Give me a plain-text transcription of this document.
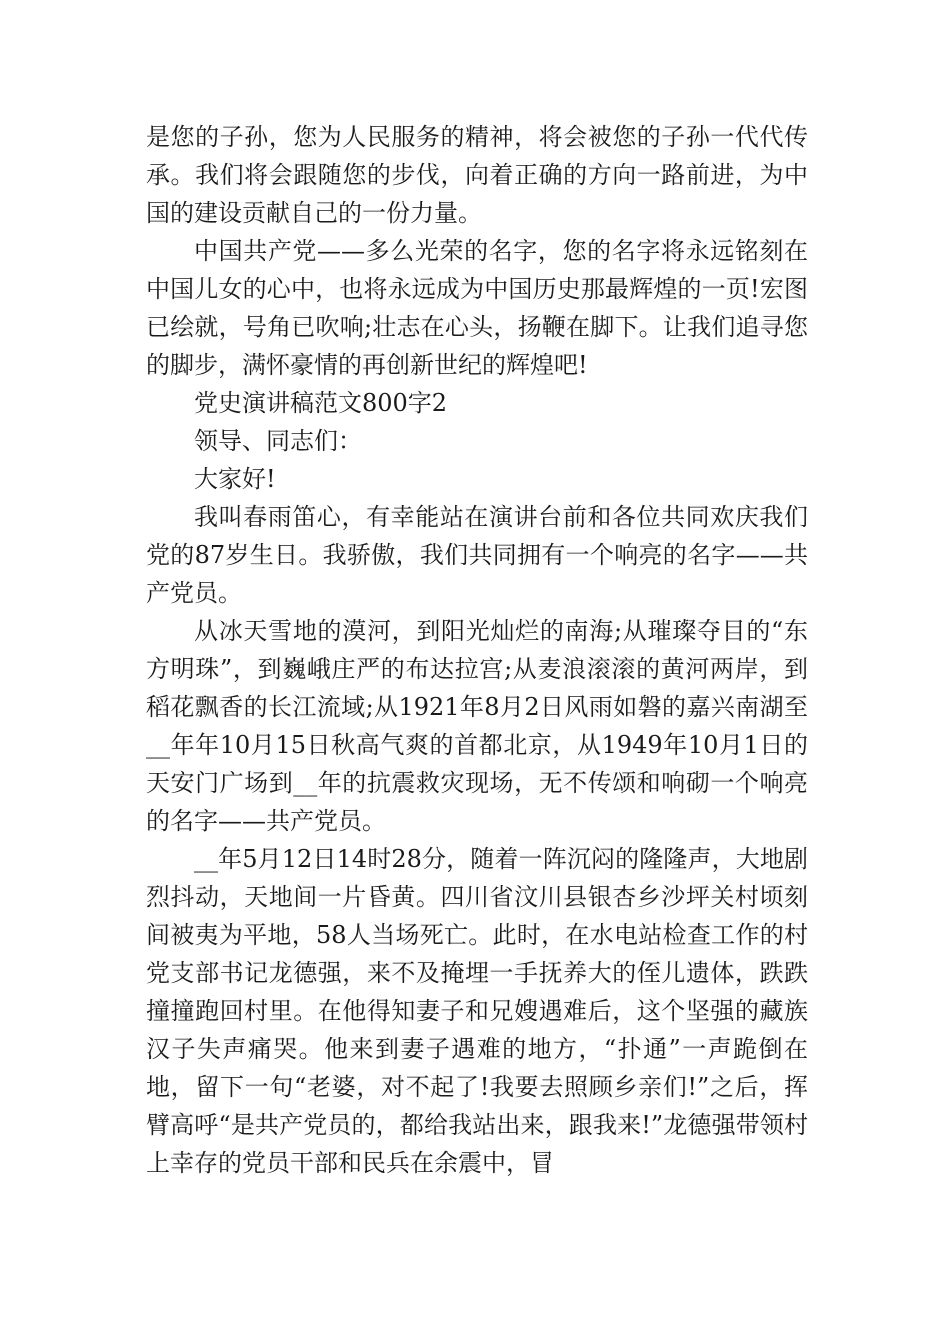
是您的子孙，您为人民服务的精神，将会被您的子孙一代代传承。我们将会跟随您的步伐，向着正确的方向一路前进，为中国的建设贡献自己的一份力量。

中国共产党——多么光荣的名字，您的名字将永远铭刻在中国儿女的心中，也将永远成为中国历史那最辉煌的一页!宏图已绘就，号角已吹响;壮志在心头，扬鞭在脚下。让我们追寻您的脚步，满怀豪情的再创新世纪的辉煌吧!

党史演讲稿范文800字2

领导、同志们：

大家好!

我叫春雨笛心，有幸能站在演讲台前和各位共同欢庆我们党的87岁生日。我骄傲，我们共同拥有一个响亮的名字——共产党员。

从冰天雪地的漠河，到阳光灿烂的南海;从璀璨夺目的“东方明珠”，到巍峨庄严的布达拉宫;从麦浪滚滚的黄河两岸，到稻花飘香的长江流域;从1921年8月2日风雨如磐的嘉兴南湖至__年年10月15日秋高气爽的首都北京，从1949年10月1日的天安门广场到__年的抗震救灾现场，无不传颂和响砌一个响亮的名字——共产党员。

__年5月12日14时28分，随着一阵沉闷的隆隆声，大地剧烈抖动，天地间一片昏黄。四川省汶川县银杏乡沙坪关村顷刻间被夷为平地，58人当场死亡。此时，在水电站检查工作的村党支部书记龙德强，来不及掩埋一手抚养大的侄儿遗体，跌跌撞撞跑回村里。在他得知妻子和兄嫂遇难后，这个坚强的藏族汉子失声痛哭。他来到妻子遇难的地方，“扑通”一声跪倒在地，留下一句“老婆，对不起了!我要去照顾乡亲们!”之后，挥臂高呼“是共产党员的，都给我站出来，跟我来!”龙德强带领村上幸存的党员干部和民兵在余震中，冒
